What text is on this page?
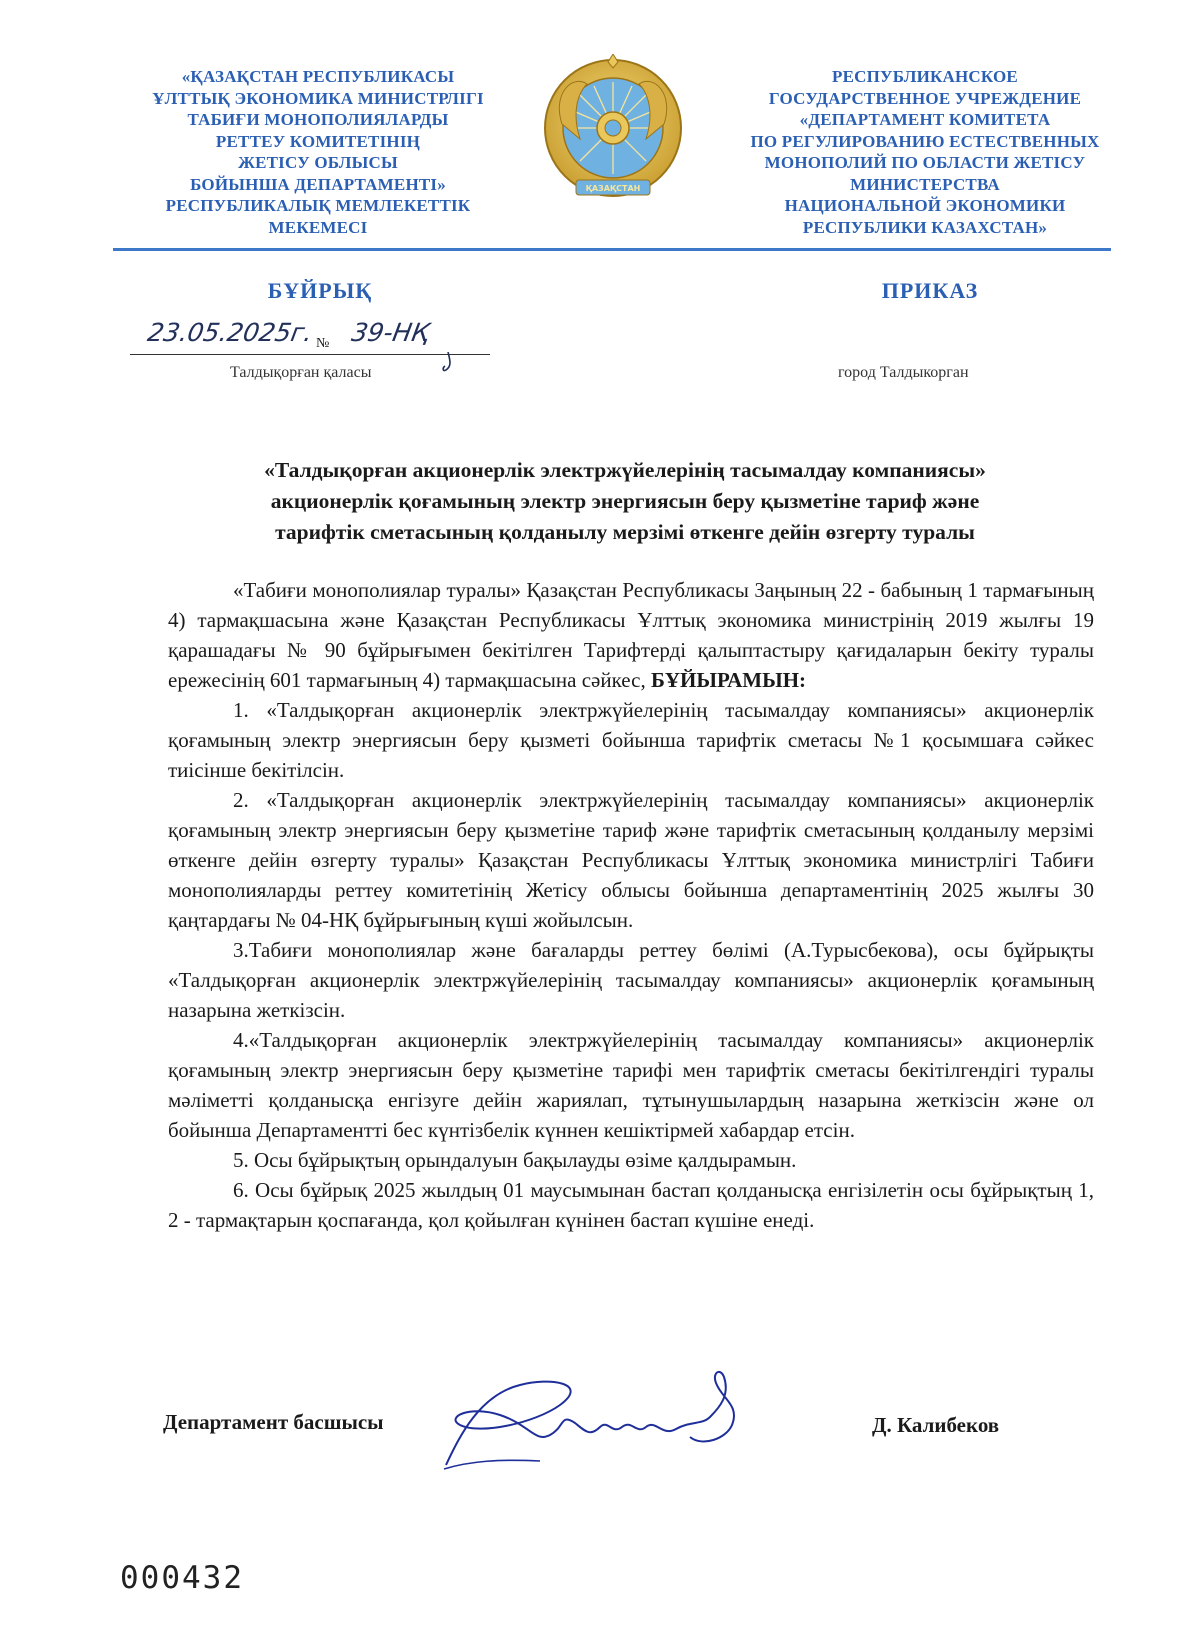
«ҚАЗАҚСТАН РЕСПУБЛИКАСЫ
ҰЛТТЫҚ ЭКОНОМИКА МИНИСТРЛІГІ
ТАБИҒИ МОНОПОЛИЯЛАРДЫ
РЕТТЕУ КОМИТЕТІНІҢ
ЖЕТІСУ ОБЛЫСЫ
БОЙЫНША ДЕПАРТАМЕНТІ»
РЕСПУБЛИКАЛЫҚ МЕМЛЕКЕТТІК
МЕКЕМЕСІ
ҚАЗАҚСТАН
РЕСПУБЛИКАНСКОЕ
ГОСУДАРСТВЕННОЕ УЧРЕЖДЕНИЕ
«ДЕПАРТАМЕНТ КОМИТЕТА
ПО РЕГУЛИРОВАНИЮ ЕСТЕСТВЕННЫХ
МОНОПОЛИЙ ПО ОБЛАСТИ ЖЕТІСУ
МИНИСТЕРСТВА
НАЦИОНАЛЬНОЙ ЭКОНОМИКИ
РЕСПУБЛИКИ КАЗАХСТАН»
БҰЙРЫҚ	ПРИКАЗ
23.05.2025г. № 39-НҚ
Талдықорған қаласы	город Талдыкорган
«Талдықорған акционерлік электржүйелерінің тасымалдау компаниясы»
акционерлік қоғамының электр энергиясын беру қызметіне тариф және
тарифтік сметасының қолданылу мерзімі өткенге дейін өзгерту туралы

«Табиғи монополиялар туралы» Қазақстан Республикасы Заңының 22 - бабының 1 тармағының 4) тармақшасына және Қазақстан Республикасы Ұлттық экономика министрінің 2019 жылғы 19 қарашадағы № 90 бұйрығымен бекітілген Тарифтерді қалыптастыру қағидаларын бекіту туралы ережесінің 601 тармағының 4) тармақшасына сәйкес, БҰЙЫРАМЫН:

1. «Талдықорған акционерлік электржүйелерінің тасымалдау компаниясы» акционерлік қоғамының электр энергиясын беру қызметі бойынша тарифтік сметасы №1 қосымшаға сәйкес тиісінше бекітілсін.

2. «Талдықорған акционерлік электржүйелерінің тасымалдау компаниясы» акционерлік қоғамының электр энергиясын беру қызметіне тариф және тарифтік сметасының қолданылу мерзімі өткенге дейін өзгерту туралы» Қазақстан Республикасы Ұлттық экономика министрлігі Табиғи монополияларды реттеу комитетінің Жетісу облысы бойынша департаментінің 2025 жылғы 30 қаңтардағы № 04-НҚ бұйрығының күші жойылсын.

3.Табиғи монополиялар және бағаларды реттеу бөлімі (А.Турысбекова), осы бұйрықты «Талдықорған акционерлік электржүйелерінің тасымалдау компаниясы» акционерлік қоғамының назарына жеткізсін.

4.«Талдықорған акционерлік электржүйелерінің тасымалдау компаниясы» акционерлік қоғамының электр энергиясын беру қызметіне тарифі мен тарифтік сметасы бекітілгендігі туралы мәліметті қолданысқа енгізуге дейін жариялап, тұтынушылардың назарына жеткізсін және ол бойынша Департаментті бес күнтізбелік күннен кешіктірмей хабардар етсін.

5. Осы бұйрықтың орындалуын бақылауды өзіме қалдырамын.

6. Осы бұйрық 2025 жылдың 01 маусымынан бастап қолданысқа енгізілетін осы бұйрықтың 1, 2 - тармақтарын қоспағанда, қол қойылған күнінен бастап күшіне енеді.

Департамент басшысы	Д. Калибеков
000432
